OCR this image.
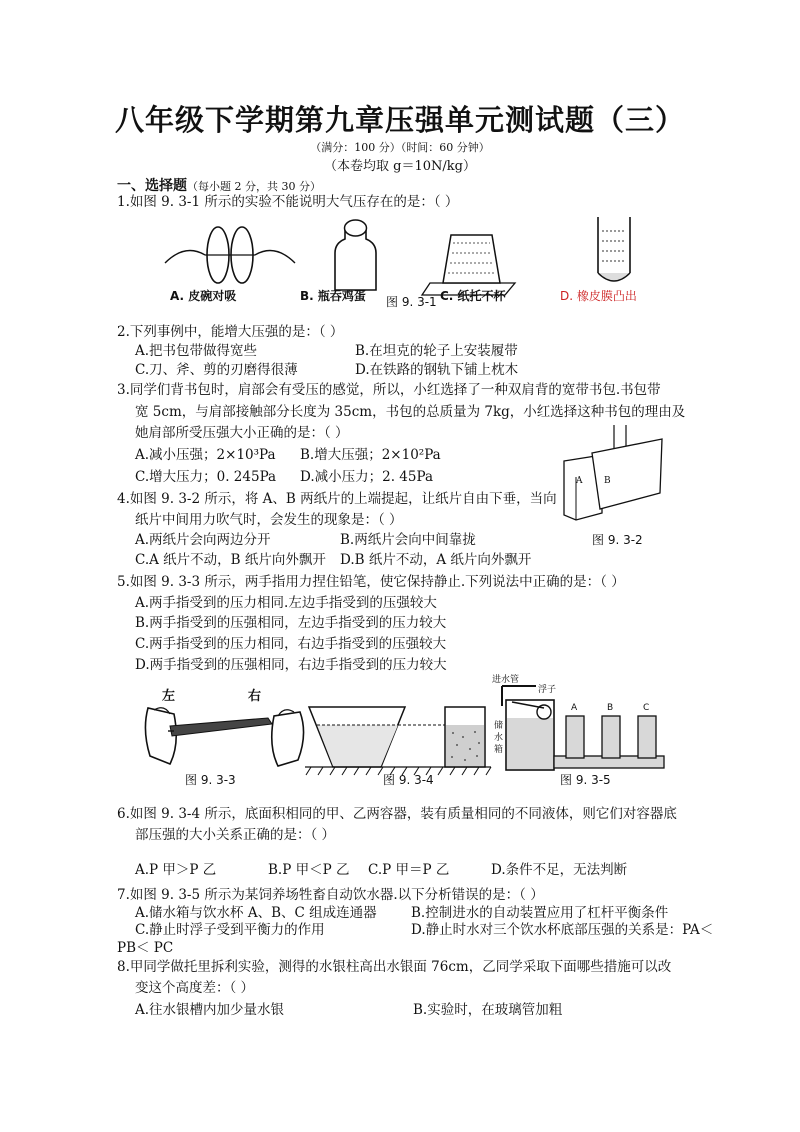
八年级下学期第九章压强单元测试题（三）
（满分：100 分）（时间：60 分钟）
（本卷均取 g＝10N/kg）
一、选择题（每小题 2 分，共 30 分）
1.如图 9. 3-1 所示的实验不能说明大气压存在的是：（ ）
A. 皮碗对吸	B. 瓶吞鸡蛋 图 9. 3-1 C. 纸托不杯	D. 橡皮膜凸出
2.下列事例中，能增大压强的是：（ ）
A.把书包带做得宽些	B.在坦克的轮子上安装履带
C.刀、斧、剪的刃磨得很薄	D.在铁路的钢轨下铺上枕木
3.同学们背书包时，肩部会有受压的感觉，所以，小红选择了一种双肩背的宽带书包.书包带
宽 5cm，与肩部接触部分长度为 35cm，书包的总质量为 7kg，小红选择这种书包的理由及
她肩部所受压强大小正确的是：（ ）
A.减小压强；2×10³Pa B.增大压强；2×10²Pa
C.增大压力；0. 245Pa D.减小压力；2. 45Pa	A B
4.如图 9. 3-2 所示，将 A、B 两纸片的上端提起，让纸片自由下垂，当向
纸片中间用力吹气时，会发生的现象是：（ ）
A.两纸片会向两边分开	B.两纸片会向中间靠拢	图 9. 3-2
C.A 纸片不动，B 纸片向外飘开 D.B 纸片不动，A 纸片向外飘开
5.如图 9. 3-3 所示，两手指用力捏住铅笔，使它保持静止.下列说法中正确的是：（ ）
A.两手指受到的压力相同.左边手指受到的压强较大
B.两手指受到的压强相同，左边手指受到的压力较大
C.两手指受到的压力相同，右边手指受到的压强较大
D.两手指受到的压强相同，右边手指受到的压力较大
左	右
图 9. 3-3	图 9. 3-4
进水管
浮子
储
水
箱
A	B	C
图 9. 3-5
6.如图 9. 3-4 所示，底面积相同的甲、乙两容器，装有质量相同的不同液体，则它们对容器底
部压强的大小关系正确的是：（ ）
A.P 甲＞P 乙	B.P 甲＜P 乙 C.P 甲＝P 乙	D.条件不足，无法判断
7.如图 9. 3-5 所示为某饲养场牲畜自动饮水器.以下分析错误的是：（ ）
A.储水箱与饮水杯 A、B、C 组成连通器	B.控制进水的自动装置应用了杠杆平衡条件
C.静止时浮子受到平衡力的作用	D.静止时水对三个饮水杯底部压强的关系是：PA＜
PB＜ PC
8.甲同学做托里拆利实验，测得的水银柱高出水银面 76cm，乙同学采取下面哪些措施可以改
变这个高度差：（ ）
A.往水银槽内加少量水银	B.实验时，在玻璃管加粗
